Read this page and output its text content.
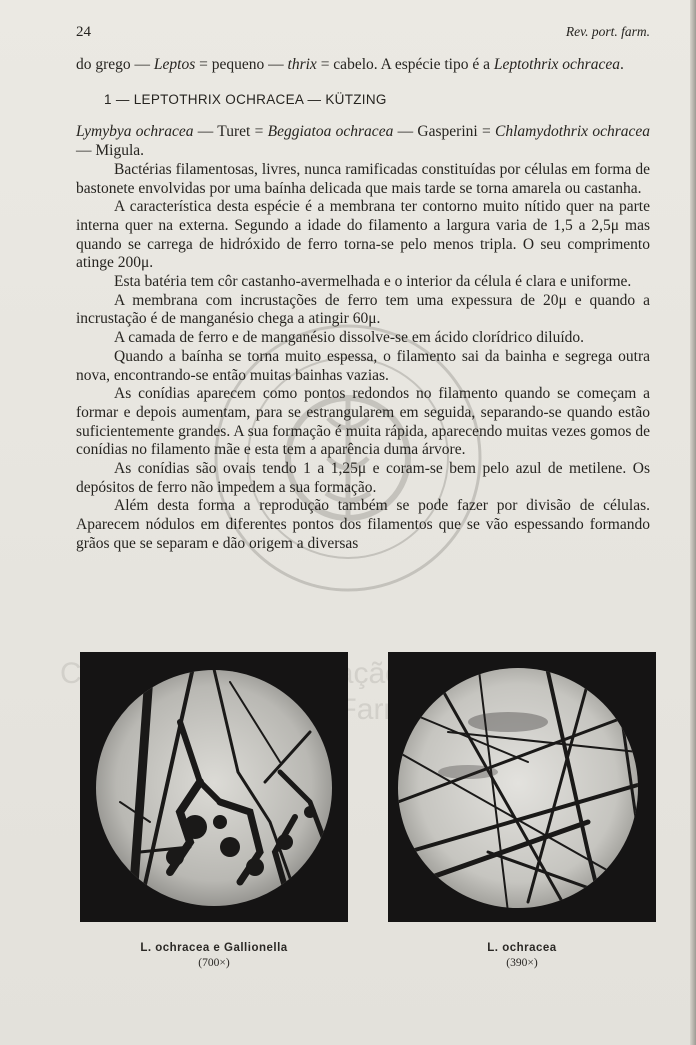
24	Rev. port. farm.

do grego — Leptos = pequeno — thrix = cabelo. A espécie tipo é a Leptothrix ochracea.

1 — LEPTOTHRIX OCHRACEA — KÜTZING

Lymybya ochracea — Turet = Beggiatoa ochracea — Gasperini = Chlamydothrix ochracea — Migula.

Bactérias filamentosas, livres, nunca ramificadas constituídas por células em forma de bastonete envolvidas por uma baínha delicada que mais tarde se torna amarela ou castanha.

A característica desta espécie é a membrana ter contorno muito nítido quer na parte interna quer na externa. Segundo a idade do filamento a largura varia de 1,5 a 2,5μ mas quando se carrega de hidróxido de ferro torna-se pelo menos tripla. O seu comprimento atinge 200μ.

Esta batéria tem côr castanho-avermelhada e o interior da célula é clara e uniforme.

A membrana com incrustações de ferro tem uma expessura de 20μ e quando a incrustação é de manganésio chega a atingir 60μ.

A camada de ferro e de manganésio dissolve-se em ácido clorídrico diluído.

Quando a baínha se torna muito espessa, o filamento sai da bainha e segrega outra nova, encontrando-se então muitas bainhas vazias.

As conídias aparecem como pontos redondos no filamento quando se começam a formar e depois aumentam, para se estrangularem em seguida, separando-se quando estão suficientemente grandes. A sua formação é muita rápida, aparecendo muitas vezes gomos de conídias no filamento mãe e esta tem a aparência duma árvore.

As conídias são ovais tendo 1 a 1,25μ e coram-se bem pelo azul de metilene. Os depósitos de ferro não impedem a sua formação.

Além desta forma a reprodução também se pode fazer por divisão de células. Aparecem nódulos em diferentes pontos dos filamentos que se vão espessando formando grãos que se separam e dão origem a diversas

L. ochracea e Gallionella
(700×)
L. ochracea
(390×)
